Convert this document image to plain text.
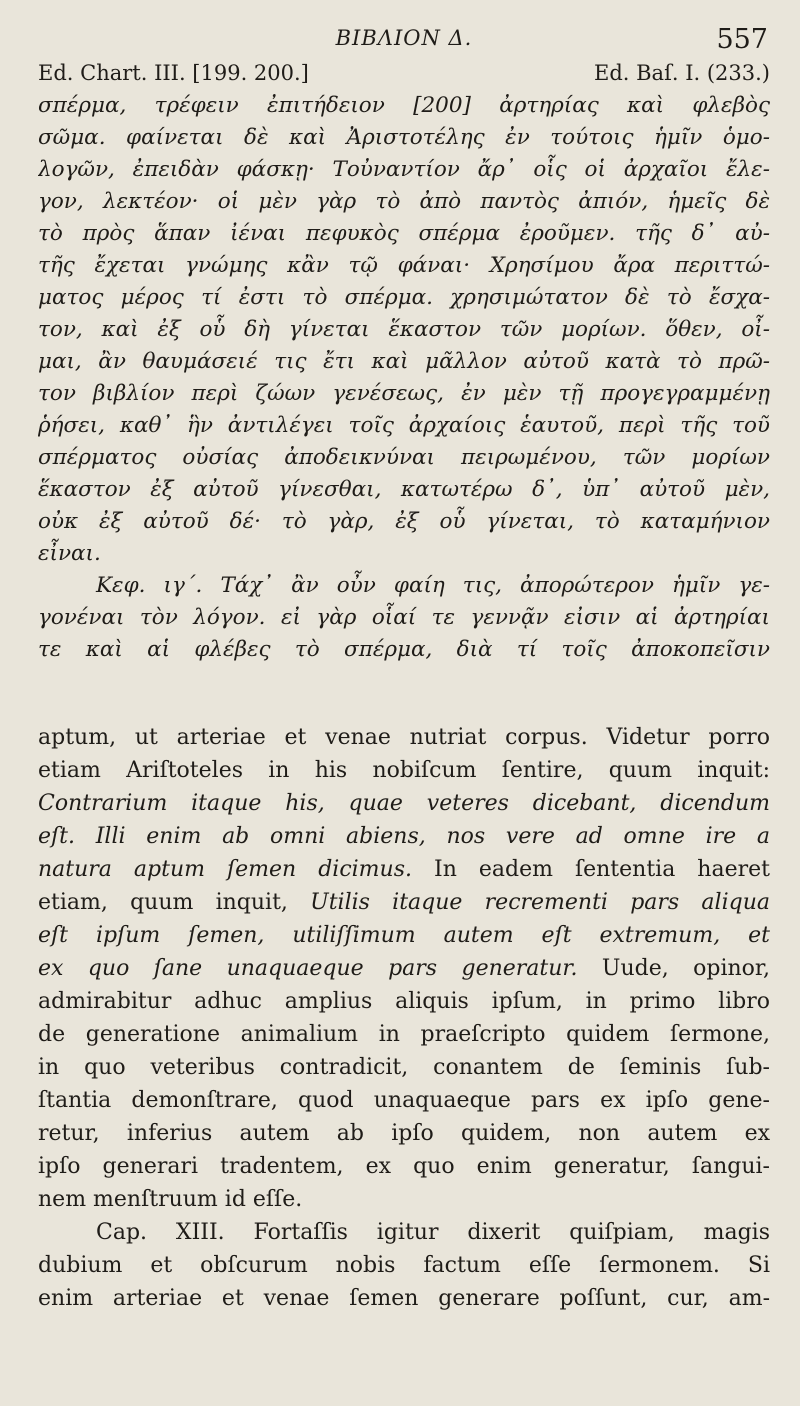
ΒΙΒΛΙΟΝ Δ.	557
Ed. Chart. III. [199. 200.]	Ed. Baſ. I. (233.)
σπέρμα, τρέφειν ἐπιτήδειον [200] ἀρτηρίας καὶ φλεβὸς
σῶμα. φαίνεται δὲ καὶ Ἀριστοτέλης ἐν τούτοις ἡμῖν ὁμο-
λογῶν, ἐπειδὰν φάσκῃ· Τοὐναντίον ἄρ᾽ οἷς οἱ ἀρχαῖοι ἔλε-
γον, λεκτέον· οἱ μὲν γὰρ τὸ ἀπὸ παντὸς ἀπιόν, ἡμεῖς δὲ
τὸ πρὸς ἅπαν ἰέναι πεφυκὸς σπέρμα ἐροῦμεν. τῆς δ᾽ αὐ-
τῆς ἔχεται γνώμης κἂν τῷ φάναι· Χρησίμου ἄρα περιττώ-
ματος μέρος τί ἐστι τὸ σπέρμα. χρησιμώτατον δὲ τὸ ἔσχα-
τον, καὶ ἐξ οὗ δὴ γίνεται ἕκαστον τῶν μορίων. ὅθεν, οἶ-
μαι, ἂν θαυμάσειέ τις ἔτι καὶ μᾶλλον αὐτοῦ κατὰ τὸ πρῶ-
τον βιβλίον περὶ ζώων γενέσεως, ἐν μὲν τῇ προγεγραμμένῃ
ῥήσει, καθ᾽ ἣν ἀντιλέγει τοῖς ἀρχαίοις ἑαυτοῦ, περὶ τῆς τοῦ
σπέρματος οὐσίας ἀποδεικνύναι πειρωμένου, τῶν μορίων
ἕκαστον ἐξ αὐτοῦ γίνεσθαι, κατωτέρω δ᾽, ὑπ᾽ αὐτοῦ μὲν,
οὐκ ἐξ αὐτοῦ δέ· τὸ γὰρ, ἐξ οὗ γίνεται, τὸ καταμήνιον
εἶναι.
Κεφ. ιγ΄. Τάχ᾽ ἂν οὖν φαίη τις, ἀπορώτερον ἡμῖν γε-
γονέναι τὸν λόγον. εἰ γὰρ οἷαί τε γεννᾷν εἰσιν αἱ ἀρτηρίαι
τε καὶ αἱ φλέβες τὸ σπέρμα, διὰ τί τοῖς ἀποκοπεῖσιν
aptum, ut arteriae et venae nutriat corpus. Videtur porro
etiam Ariſtoteles in his nobiſcum ſentire, quum inquit:
Contrarium itaque his, quae veteres dicebant, dicendum
eſt. Illi enim ab omni abiens, nos vere ad omne ire a
natura aptum ſemen dicimus. In eadem ſententia haeret
etiam, quum inquit, Utilis itaque recrementi pars aliqua
eſt ipſum ſemen, utiliſſimum autem eſt extremum, et
ex quo ſane unaquaeque pars generatur. Uude, opinor,
admirabitur adhuc amplius aliquis ipſum, in primo libro
de generatione animalium in praeſcripto quidem ſermone,
in quo veteribus contradicit, conantem de ſeminis ſub-
ſtantia demonſtrare, quod unaquaeque pars ex ipſo gene-
retur, inferius autem ab ipſo quidem, non autem ex
ipſo generari tradentem, ex quo enim generatur, ſangui-
nem menſtruum id eſſe.
Cap. XIII. Fortaſſis igitur dixerit quiſpiam, magis
dubium et obſcurum nobis factum eſſe ſermonem. Si
enim arteriae et venae ſemen generare poſſunt, cur, am-
